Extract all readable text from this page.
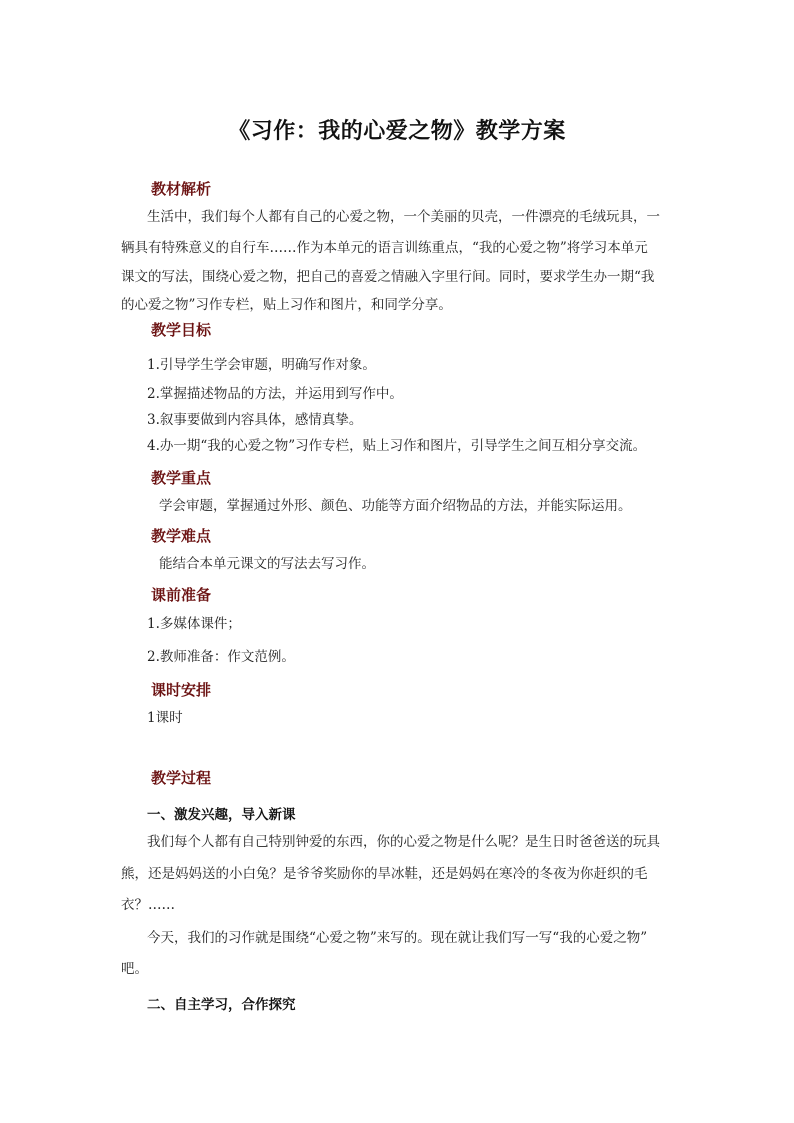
《习作：我的心爱之物》教学方案
教材解析
生活中，我们每个人都有自己的心爱之物，一个美丽的贝壳，一件漂亮的毛绒玩具，一
辆具有特殊意义的自行车……作为本单元的语言训练重点，“我的心爱之物”将学习本单元
课文的写法，围绕心爱之物，把自己的喜爱之情融入字里行间。同时，要求学生办一期“我
的心爱之物”习作专栏，贴上习作和图片，和同学分享。
教学目标
1.引导学生学会审题，明确写作对象。
2.掌握描述物品的方法，并运用到写作中。
3.叙事要做到内容具体，感情真挚。
4.办一期“我的心爱之物”习作专栏，贴上习作和图片，引导学生之间互相分享交流。
教学重点
学会审题，掌握通过外形、颜色、功能等方面介绍物品的方法，并能实际运用。
教学难点
能结合本单元课文的写法去写习作。
课前准备
1.多媒体课件；
2.教师准备：作文范例。
课时安排
1课时
教学过程
一、激发兴趣，导入新课
我们每个人都有自己特别钟爱的东西，你的心爱之物是什么呢？是生日时爸爸送的玩具
熊，还是妈妈送的小白兔？是爷爷奖励你的旱冰鞋，还是妈妈在寒冷的冬夜为你赶织的毛
衣？……
今天，我们的习作就是围绕“心爱之物”来写的。现在就让我们写一写“我的心爱之物”
吧。
二、自主学习，合作探究
